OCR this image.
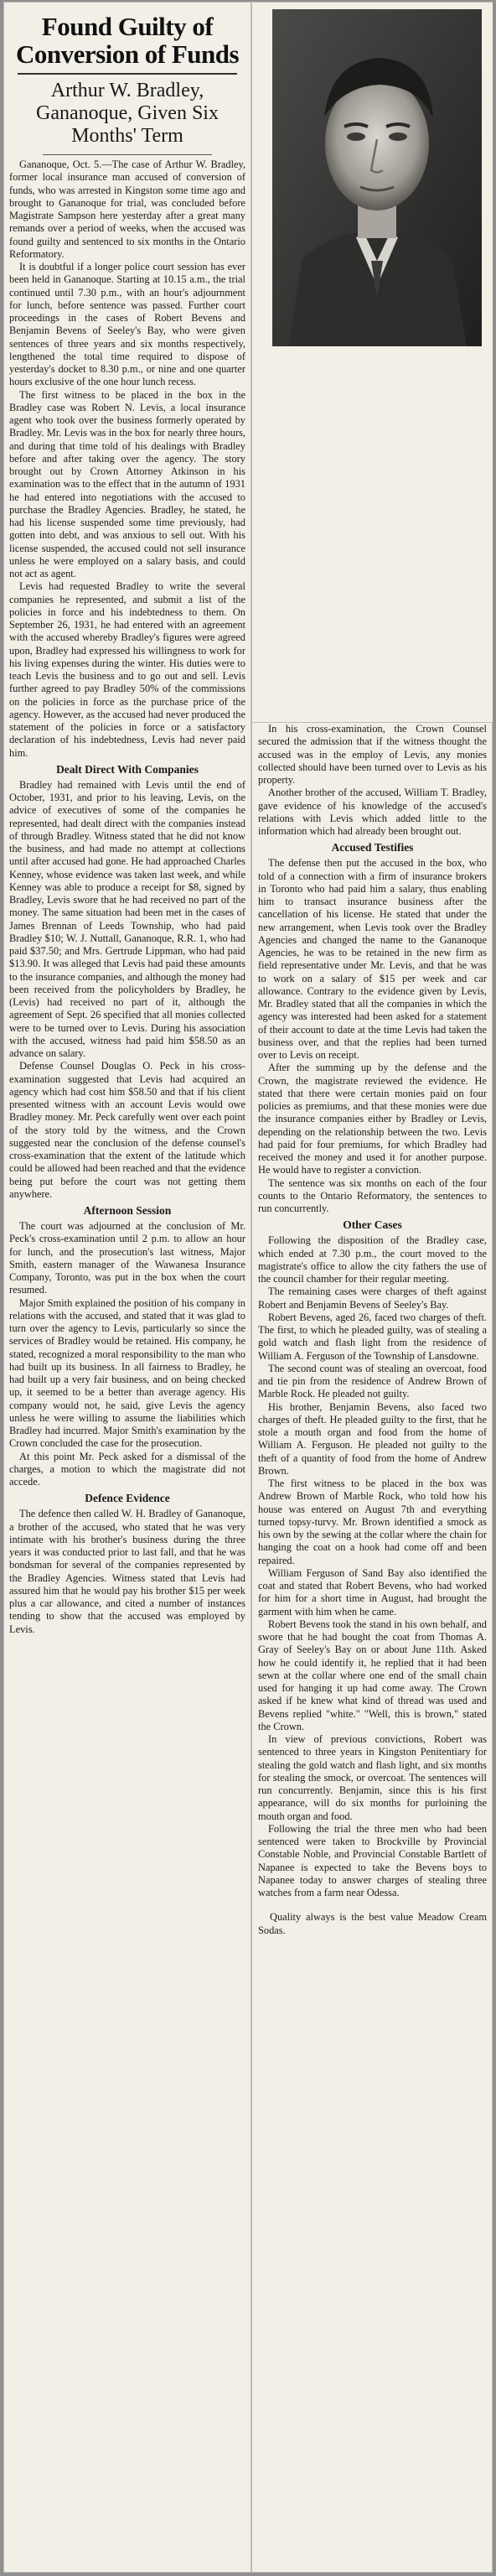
Found Guilty of Conversion of Funds
Arthur W. Bradley, Gananoque, Given Six Months' Term

Gananoque, Oct. 5.—The case of Arthur W. Bradley, former local insurance man accused of conversion of funds, who was arrested in Kingston some time ago and brought to Gananoque for trial, was concluded before Magistrate Sampson here yesterday after a great many remands over a period of weeks, when the accused was found guilty and sentenced to six months in the Ontario Reformatory.

It is doubtful if a longer police court session has ever been held in Gananoque. Starting at 10.15 a.m., the trial continued until 7.30 p.m., with an hour's adjournment for lunch, before sentence was passed. Further court proceedings in the cases of Robert Bevens and Benjamin Bevens of Seeley's Bay, who were given sentences of three years and six months respectively, lengthened the total time required to dispose of yesterday's docket to 8.30 p.m., or nine and one quarter hours exclusive of the one hour lunch recess.

The first witness to be placed in the box in the Bradley case was Robert N. Levis, a local insurance agent who took over the business formerly operated by Bradley. Mr. Levis was in the box for nearly three hours, and during that time told of his dealings with Bradley before and after taking over the agency. The story brought out by Crown Attorney Atkinson in his examination was to the effect that in the autumn of 1931 he had entered into negotiations with the accused to purchase the Bradley Agencies. Bradley, he stated, he had his license suspended some time previously, had gotten into debt, and was anxious to sell out. With his license suspended, the accused could not sell insurance unless he were employed on a salary basis, and could not act as agent.

Levis had requested Bradley to write the several companies he represented, and submit a list of the policies in force and his indebtedness to them. On September 26, 1931, he had entered with an agreement with the accused whereby Bradley's figures were agreed upon, Bradley had expressed his willingness to work for his living expenses during the winter. His duties were to teach Levis the business and to go out and sell. Levis further agreed to pay Bradley 50% of the commissions on the policies in force as the purchase price of the agency. However, as the accused had never produced the statement of the policies in force or a satisfactory declaration of his indebtedness, Levis had never paid him.

Dealt Direct With Companies

Bradley had remained with Levis until the end of October, 1931, and prior to his leaving, Levis, on the advice of executives of some of the companies he represented, had dealt direct with the companies instead of through Bradley. Witness stated that he did not know the business, and had made no attempt at collections until after accused had gone. He had approached Charles Kenney, whose evidence was taken last week, and while Kenney was able to produce a receipt for $8, signed by Bradley, Levis swore that he had received no part of the money. The same situation had been met in the cases of James Brennan of Leeds Township, who had paid Bradley $10; W. J. Nuttall, Gananoque, R.R. 1, who had paid $37.50; and Mrs. Gertrude Lippman, who had paid $13.90. It was alleged that Levis had paid these amounts to the insurance companies, and although the money had been received from the policyholders by Bradley, he (Levis) had received no part of it, although the agreement of Sept. 26 specified that all monies collected were to be turned over to Levis. During his association with the accused, witness had paid him $58.50 as an advance on salary.

Defense Counsel Douglas O. Peck in his cross-examination suggested that Levis had acquired an agency which had cost him $58.50 and that if his client presented witness with an account Levis would owe Bradley money. Mr. Peck carefully went over each point of the story told by the witness, and the Crown suggested near the conclusion of the defense counsel's cross-examination that the extent of the latitude which could be allowed had been reached and that the evidence being put before the court was not getting them anywhere.

Afternoon Session

The court was adjourned at the conclusion of Mr. Peck's cross-examination until 2 p.m. to allow an hour for lunch, and the prosecution's last witness, Major Smith, eastern manager of the Wawanesa Insurance Company, Toronto, was put in the box when the court resumed.

Major Smith explained the position of his company in relations with the accused, and stated that it was glad to turn over the agency to Levis, particularly so since the services of Bradley would be retained. His company, he stated, recognized a moral responsibility to the man who had built up its business. In all fairness to Bradley, he had built up a very fair business, and on being checked up, it seemed to be a better than average agency. His company would not, he said, give Levis the agency unless he were willing to assume the liabilities which Bradley had incurred. Major Smith's examination by the Crown concluded the case for the prosecution.

At this point Mr. Peck asked for a dismissal of the charges, a motion to which the magistrate did not accede.

Defence Evidence

The defence then called W. H. Bradley of Gananoque, a brother of the accused, who stated that he was very intimate with his brother's business during the three years it was conducted prior to last fall, and that he was bondsman for several of the companies represented by the Bradley Agencies. Witness stated that Levis had assured him that he would pay his brother $15 per week plus a car allowance, and cited a number of instances tending to show that the accused was employed by Levis.

In his cross-examination, the Crown Counsel secured the admission that if the witness thought the accused was in the employ of Levis, any monies collected should have been turned over to Levis as his property.

Another brother of the accused, William T. Bradley, gave evidence of his knowledge of the accused's relations with Levis which added little to the information which had already been brought out.

Accused Testifies

The defense then put the accused in the box, who told of a connection with a firm of insurance brokers in Toronto who had paid him a salary, thus enabling him to transact insurance business after the cancellation of his license. He stated that under the new arrangement, when Levis took over the Bradley Agencies and changed the name to the Gananoque Agencies, he was to be retained in the new firm as field representative under Mr. Levis, and that he was to work on a salary of $15 per week and car allowance. Contrary to the evidence given by Levis, Mr. Bradley stated that all the companies in which the agency was interested had been asked for a statement of their account to date at the time Levis had taken the business over, and that the replies had been turned over to Levis on receipt.

After the summing up by the defense and the Crown, the magistrate reviewed the evidence. He stated that there were certain monies paid on four policies as premiums, and that these monies were due the insurance companies either by Bradley or Levis, depending on the relationship between the two. Levis had paid for four premiums, for which Bradley had received the money and used it for another purpose. He would have to register a conviction.

The sentence was six months on each of the four counts to the Ontario Reformatory, the sentences to run concurrently.

Other Cases

Following the disposition of the Bradley case, which ended at 7.30 p.m., the court moved to the magistrate's office to allow the city fathers the use of the council chamber for their regular meeting.

The remaining cases were charges of theft against Robert and Benjamin Bevens of Seeley's Bay.

Robert Bevens, aged 26, faced two charges of theft. The first, to which he pleaded guilty, was of stealing a gold watch and flash light from the residence of William A. Ferguson of the Township of Lansdowne.

The second count was of stealing an overcoat, food and tie pin from the residence of Andrew Brown of Marble Rock. He pleaded not guilty.

His brother, Benjamin Bevens, also faced two charges of theft. He pleaded guilty to the first, that he stole a mouth organ and food from the home of William A. Ferguson. He pleaded not guilty to the theft of a quantity of food from the home of Andrew Brown.

The first witness to be placed in the box was Andrew Brown of Marble Rock, who told how his house was entered on August 7th and everything turned topsy-turvy. Mr. Brown identified a smock as his own by the sewing at the collar where the chain for hanging the coat on a hook had come off and been repaired.

William Ferguson of Sand Bay also identified the coat and stated that Robert Bevens, who had worked for him for a short time in August, had brought the garment with him when he came.

Robert Bevens took the stand in his own behalf, and swore that he had bought the coat from Thomas A. Gray of Seeley's Bay on or about June 11th. Asked how he could identify it, he replied that it had been sewn at the collar where one end of the small chain used for hanging it up had come away. The Crown asked if he knew what kind of thread was used and Bevens replied "white." "Well, this is brown," stated the Crown.

In view of previous convictions, Robert was sentenced to three years in Kingston Penitentiary for stealing the gold watch and flash light, and six months for stealing the smock, or overcoat. The sentences will run concurrently. Benjamin, since this is his first appearance, will do six months for purloining the mouth organ and food.

Following the trial the three men who had been sentenced were taken to Brockville by Provincial Constable Noble, and Provincial Constable Bartlett of Napanee is expected to take the Bevens boys to Napanee today to answer charges of stealing three watches from a farm near Odessa.

Quality always is the best value Meadow Cream Sodas.
